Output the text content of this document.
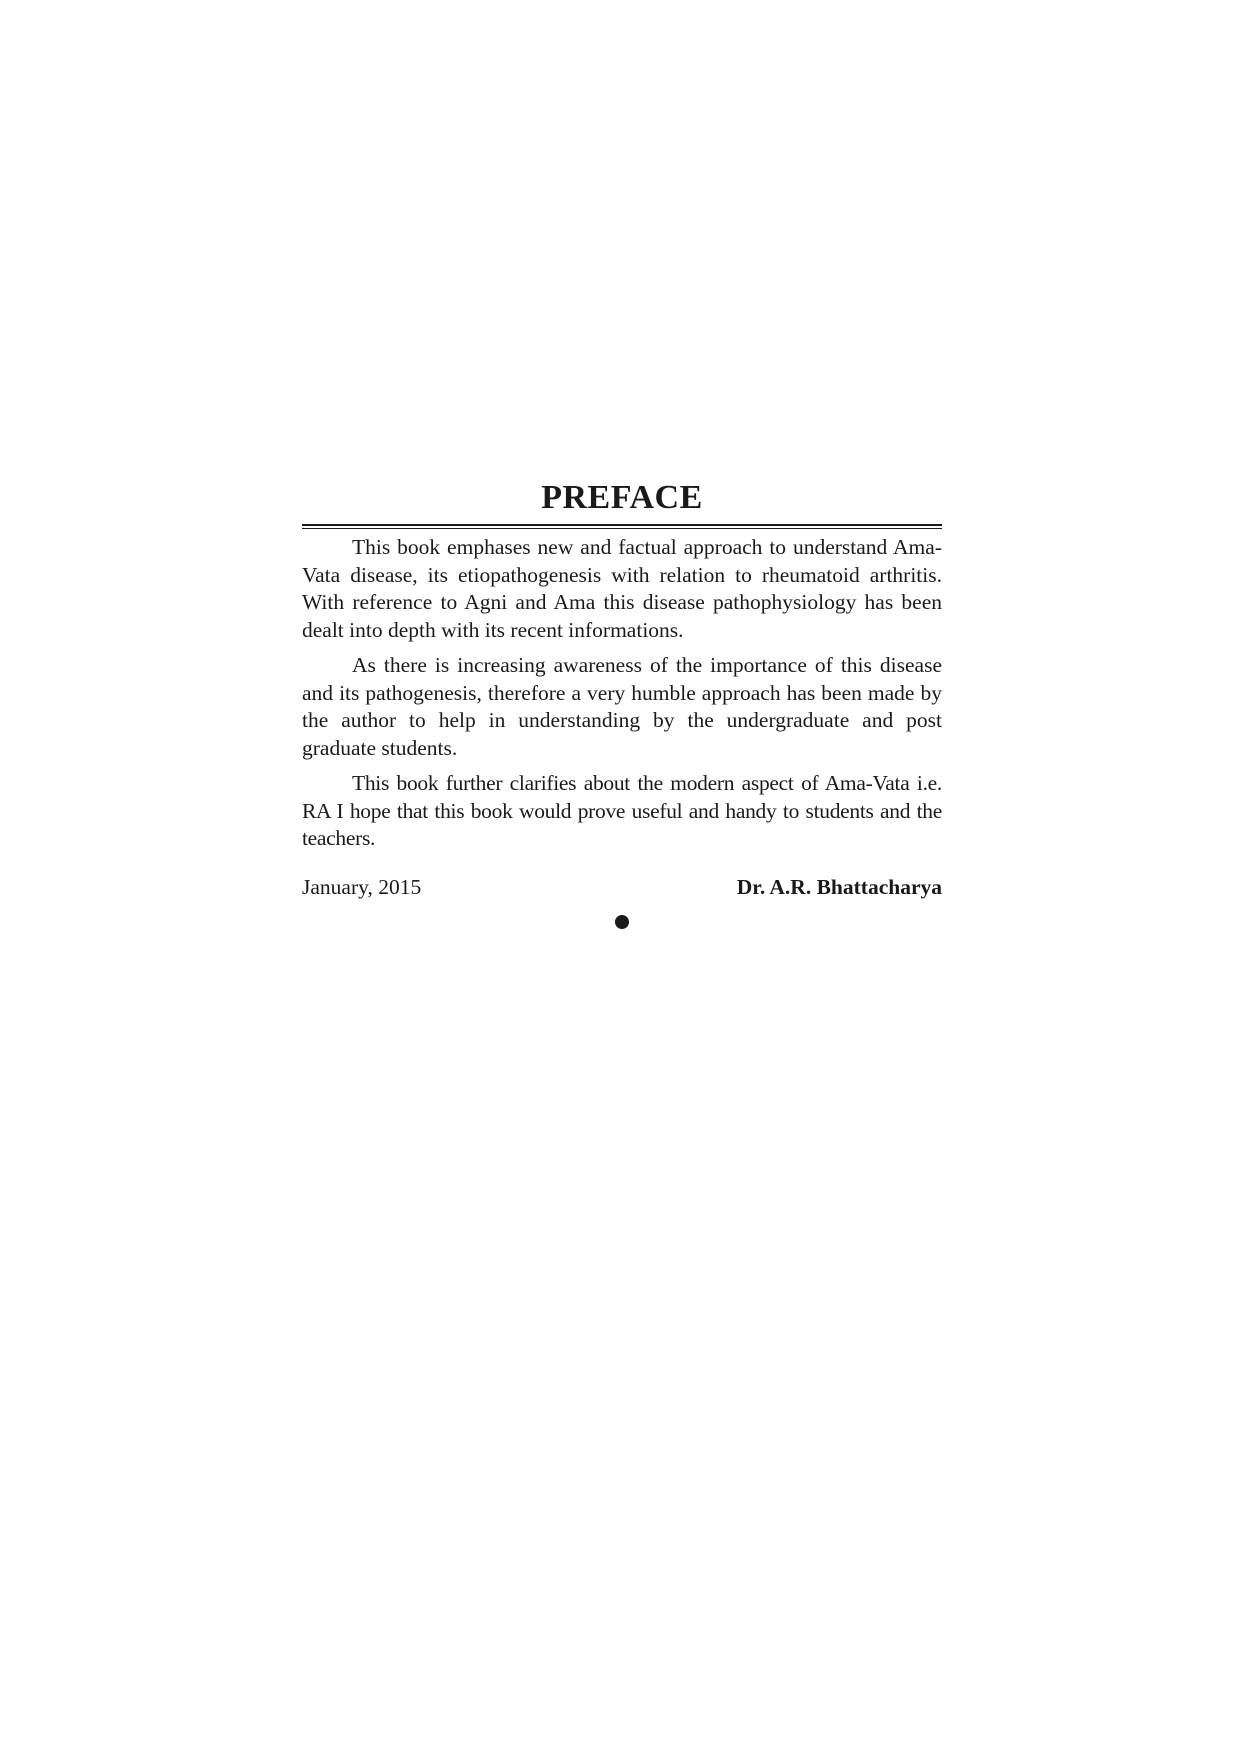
PREFACE

This book emphases new and factual approach to understand Ama-Vata disease, its etiopathogenesis with relation to rheumatoid arthritis. With reference to Agni and Ama this disease pathophysiology has been dealt into depth with its recent informations.

As there is increasing awareness of the importance of this disease and its pathogenesis, therefore a very humble approach has been made by the author to help in understanding by the undergraduate and post graduate students.

This book further clarifies about the modern aspect of Ama-Vata i.e. RA I hope that this book would prove useful and handy to students and the teachers.

January, 2015	Dr. A.R. Bhattacharya
